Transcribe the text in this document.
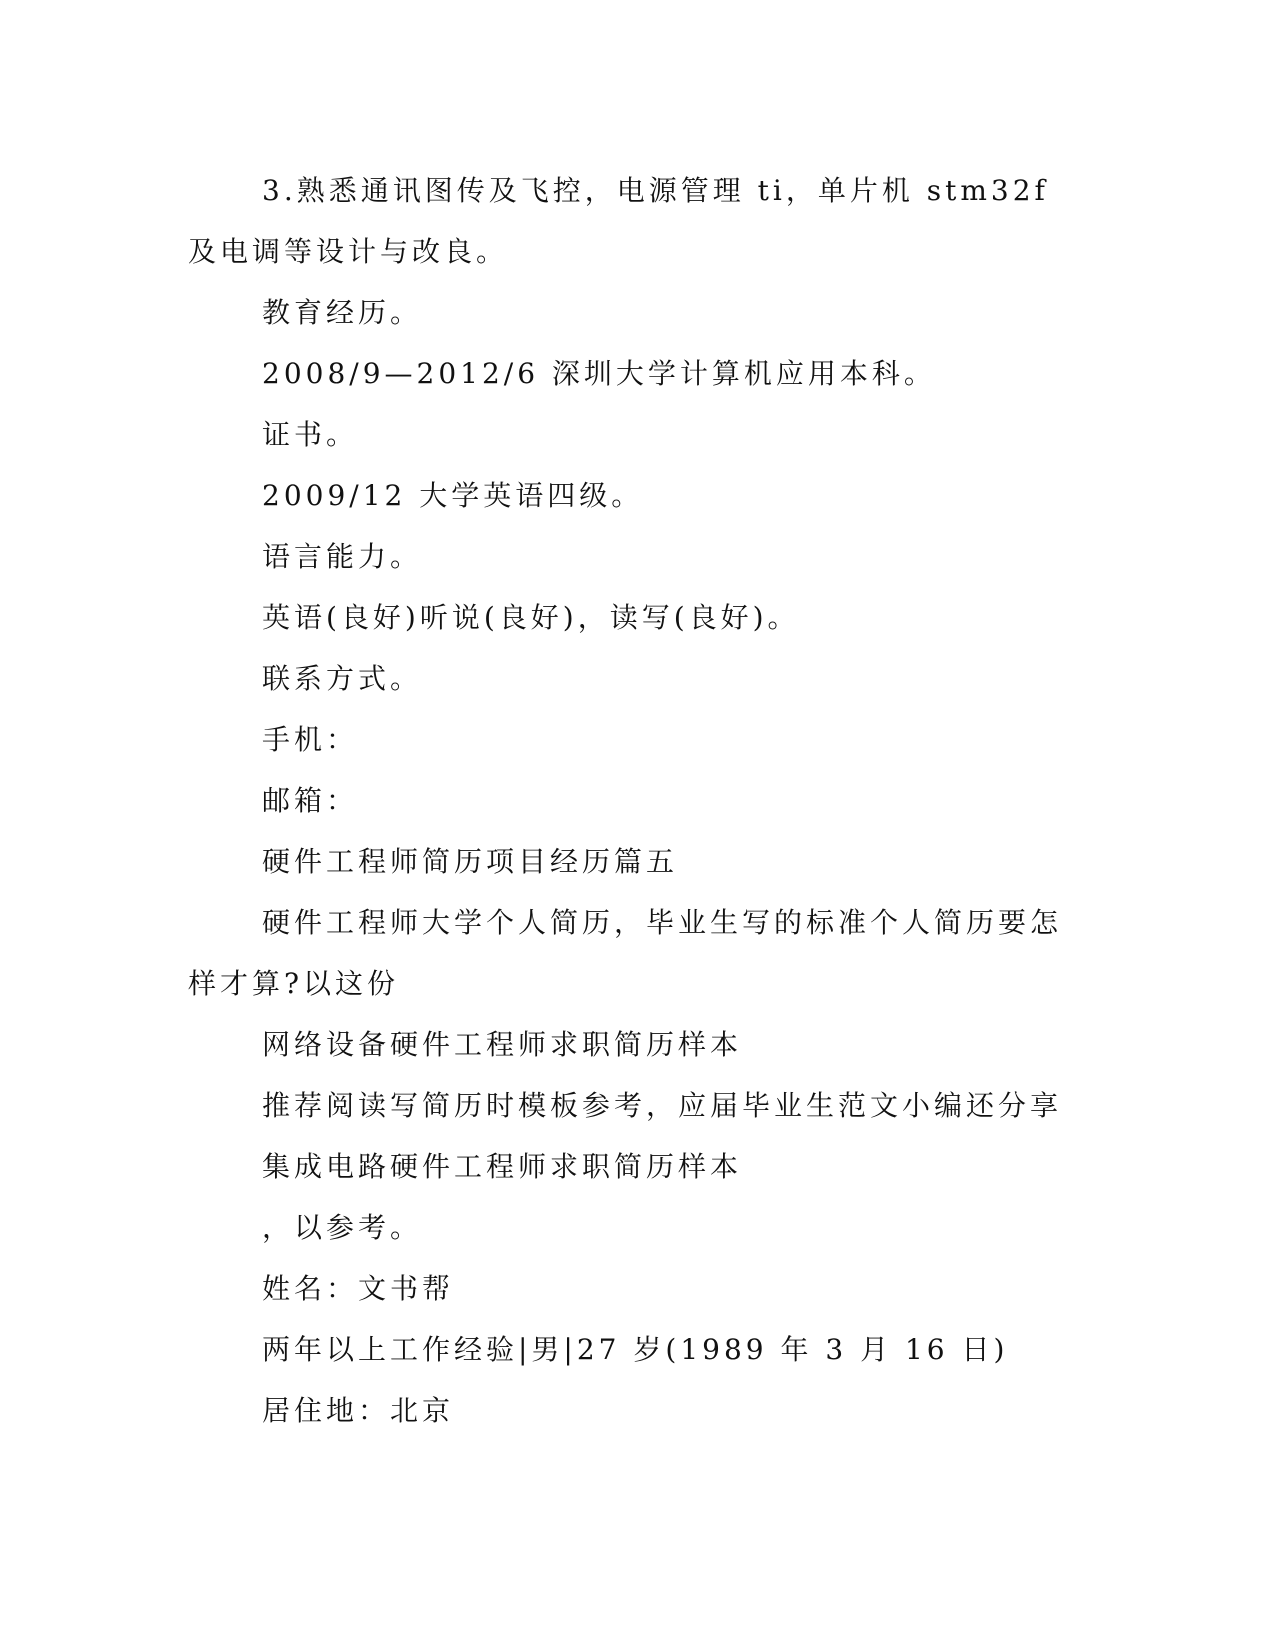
3.熟悉通讯图传及飞控，电源管理 ti，单片机 stm32f 及电调等设计与改良。

教育经历。

2008/9—2012/6 深圳大学计算机应用本科。

证书。

2009/12 大学英语四级。

语言能力。

英语(良好)听说(良好)，读写(良好)。

联系方式。

手机：

邮箱：

硬件工程师简历项目经历篇五

硬件工程师大学个人简历，毕业生写的标准个人简历要怎样才算?以这份

网络设备硬件工程师求职简历样本

推荐阅读写简历时模板参考，应届毕业生范文小编还分享

集成电路硬件工程师求职简历样本

，以参考。

姓名：文书帮

两年以上工作经验|男|27 岁(1989 年 3 月 16 日)

居住地：北京
